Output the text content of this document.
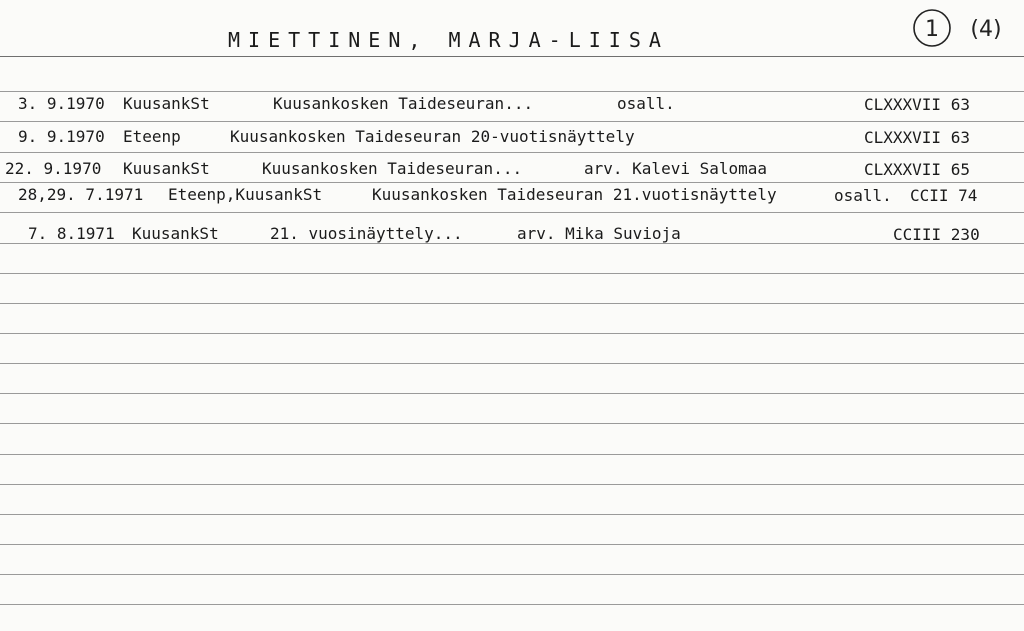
MIETTINEN, MARJA-LIISA	1 (4)
3. 9.1970 KuusankSt	Kuusankosken Taideseuran...	osall.	CLXXXVII 63
9. 9.1970 Eteenp	Kuusankosken Taideseuran 20-vuotisnäyttely	CLXXXVII 63
22. 9.1970 KuusankSt	Kuusankosken Taideseuran...	arv. Kalevi Salomaa	CLXXXVII 65
28,29. 7.1971 Eteenp,KuusankSt	Kuusankosken Taideseuran 21.vuotisnäyttely	osall. CCII 74
7. 8.1971 KuusankSt	21. vuosinäyttely...	arv. Mika Suvioja	CCIII 230
